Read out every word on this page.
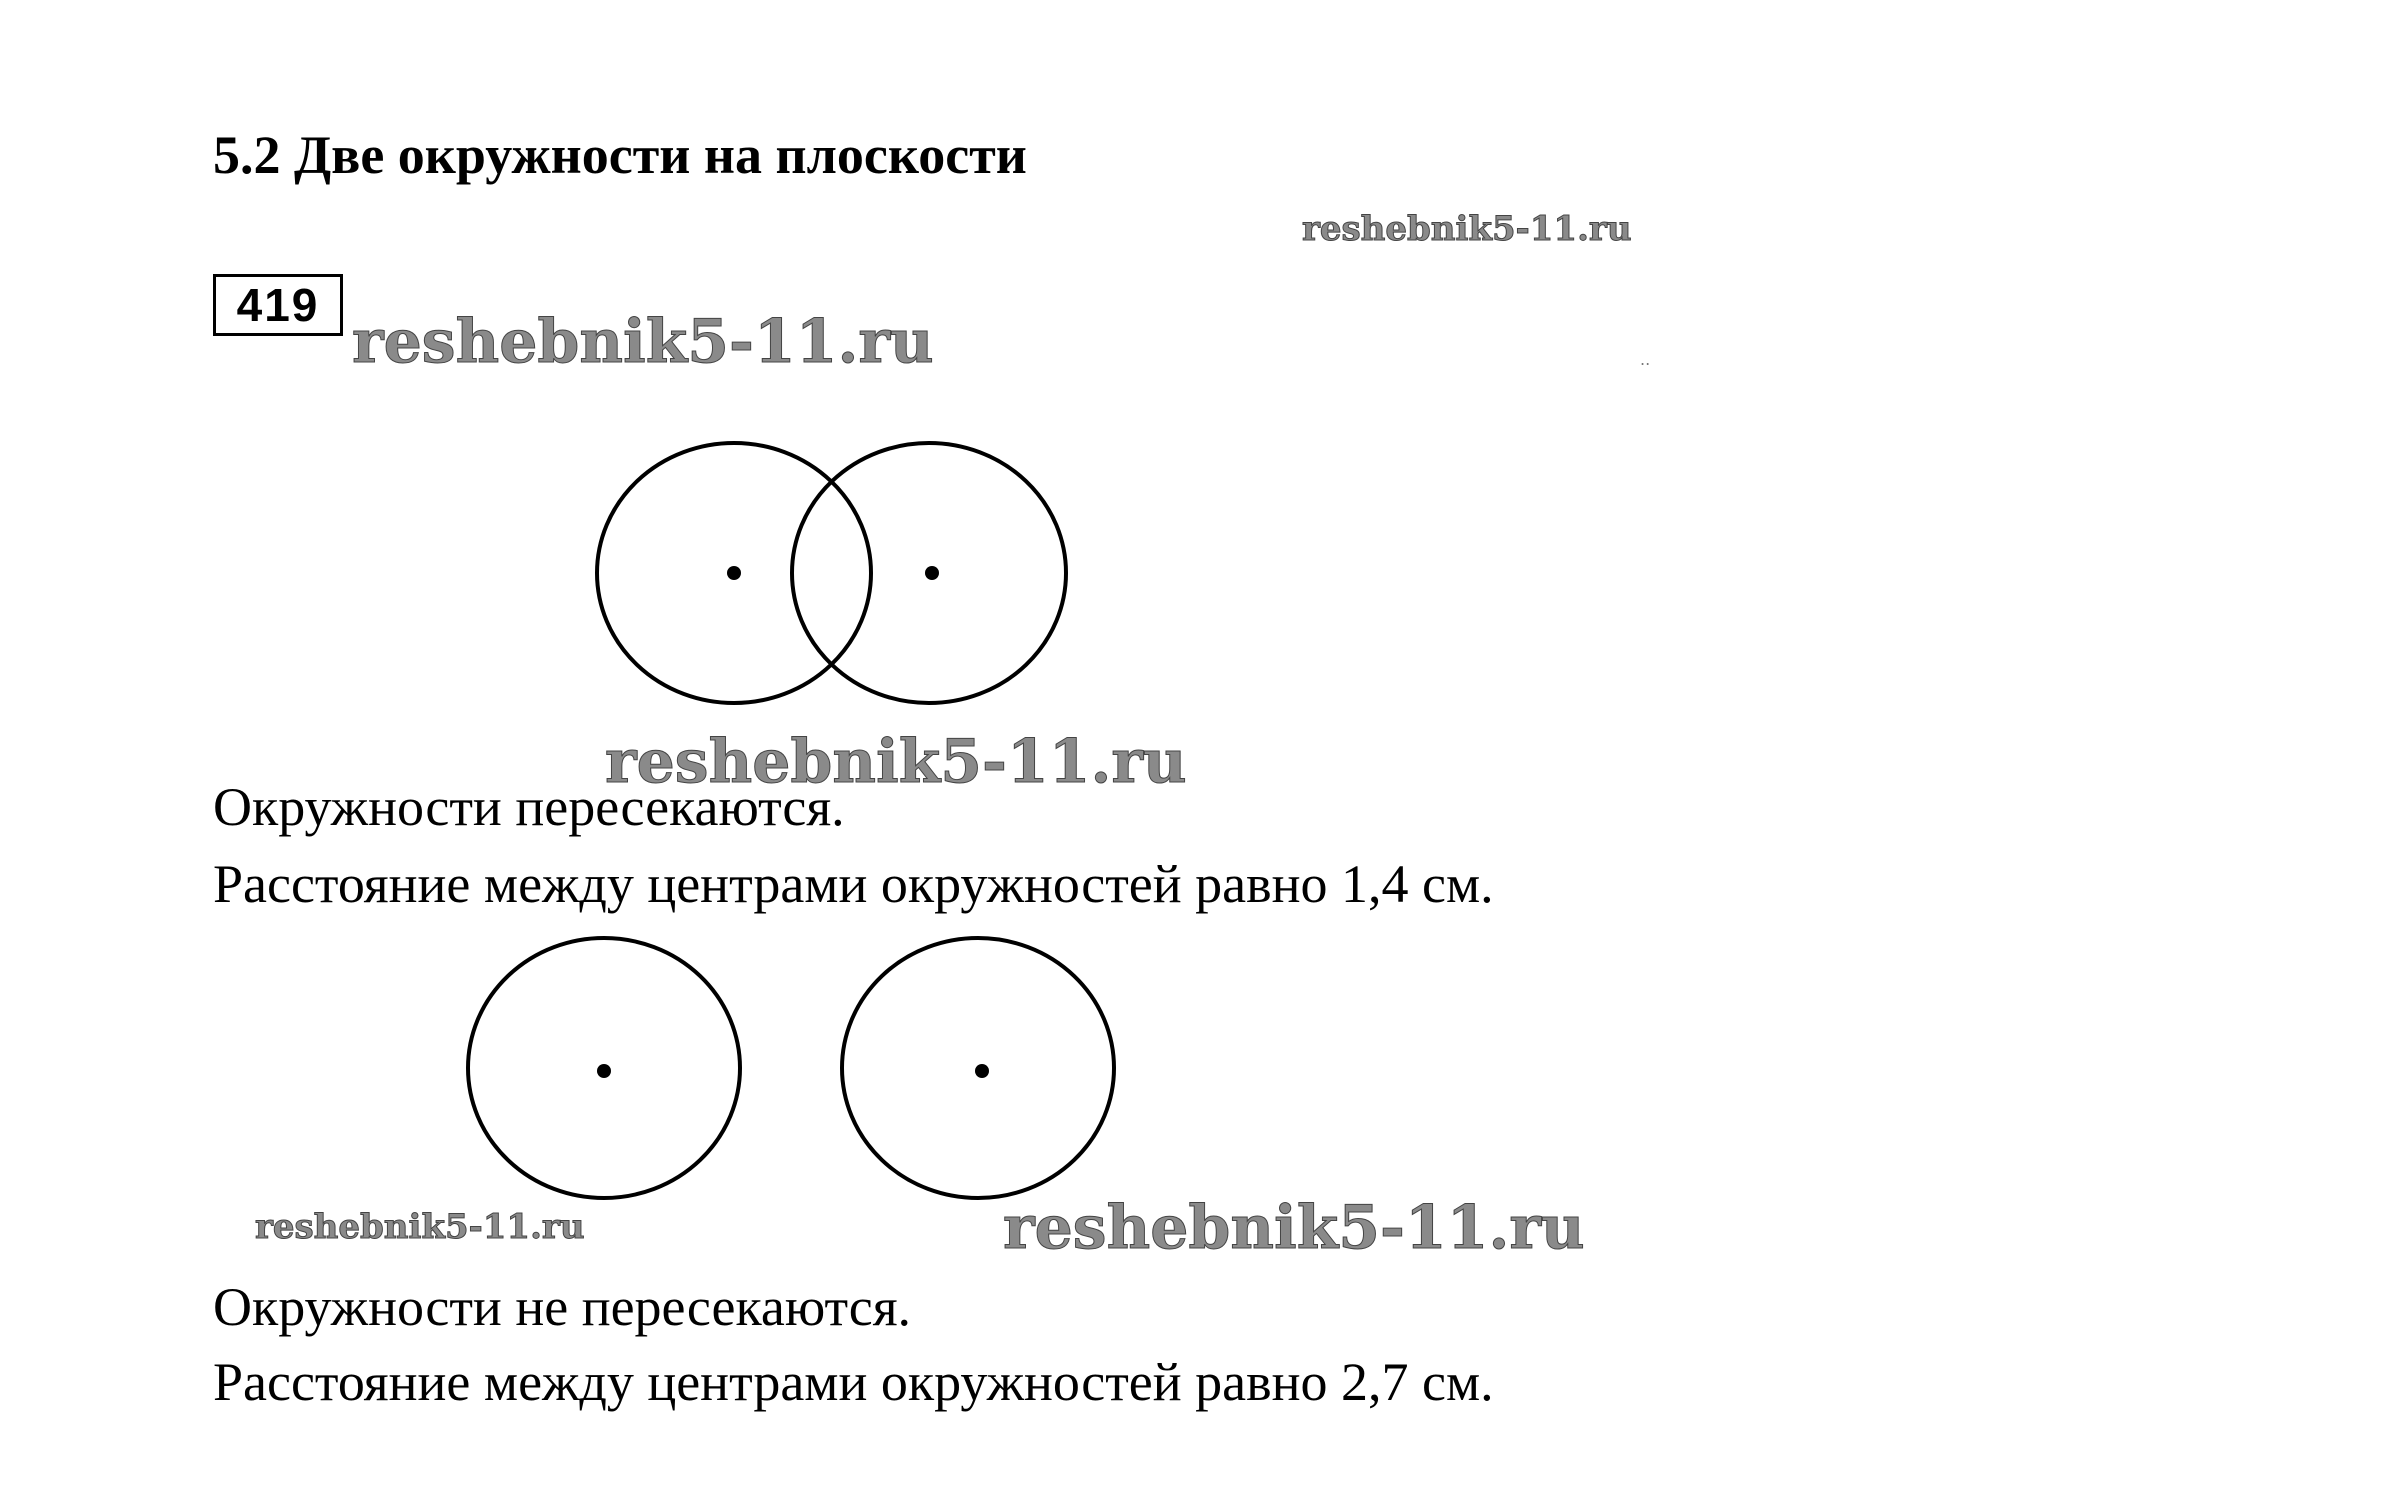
5.2 Две окружности на плоскости
reshebnik5-11.ru
419
reshebnik5-11.ru	..
reshebnik5-11.ru
Окружности пересекаются.
Расстояние между центрами окружностей равно 1,4 см.
reshebnik5-11.ru	reshebnik5-11.ru
Окружности не пересекаются.
Расстояние между центрами окружностей равно 2,7 см.
